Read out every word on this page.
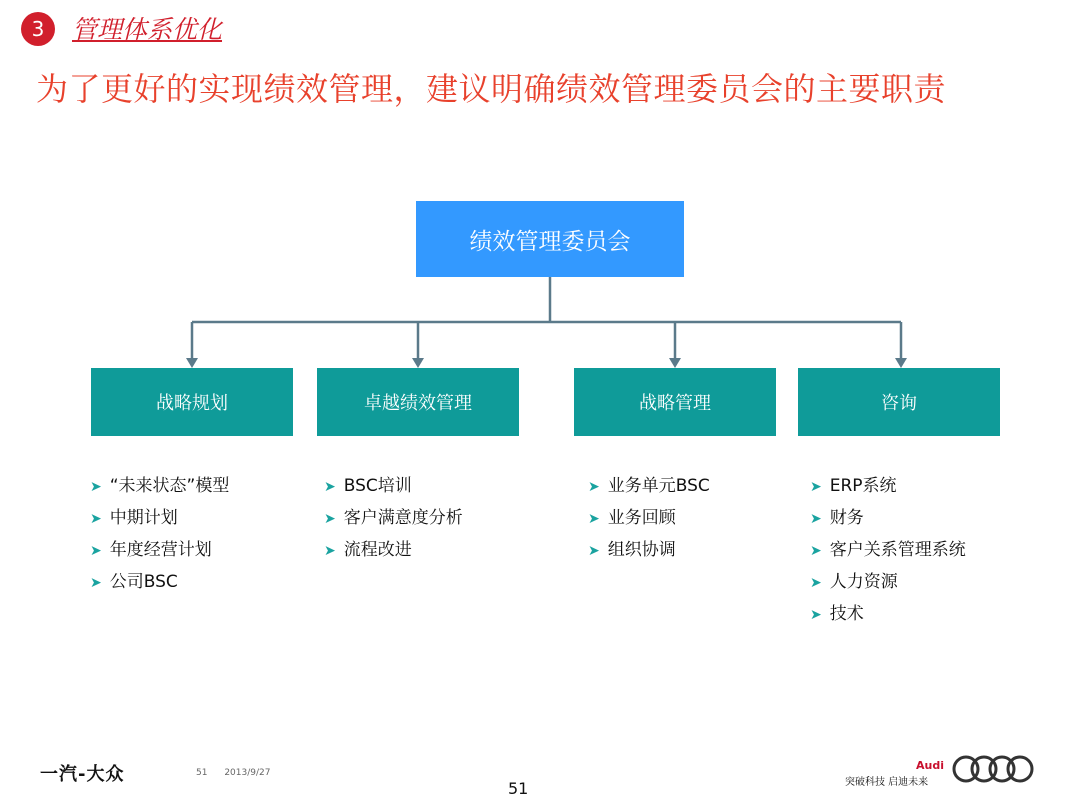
3	管理体系优化
为了更好的实现绩效管理，建议明确绩效管理委员会的主要职责
绩效管理委员会
战略规划	卓越绩效管理	战略管理	咨询
➤ “未来状态”模型
➤ 中期计划
➤ 年度经营计划
➤ 公司BSC
➤ BSC培训
➤ 客户满意度分析
➤ 流程改进
➤ 业务单元BSC
➤ 业务回顾
➤ 组织协调
➤ ERP系统
➤ 财务
➤ 客户关系管理系统
➤ 人力资源
➤ 技术
一汽-大众	51 2013/9/27
51
Audi
突破科技 启迪未来
